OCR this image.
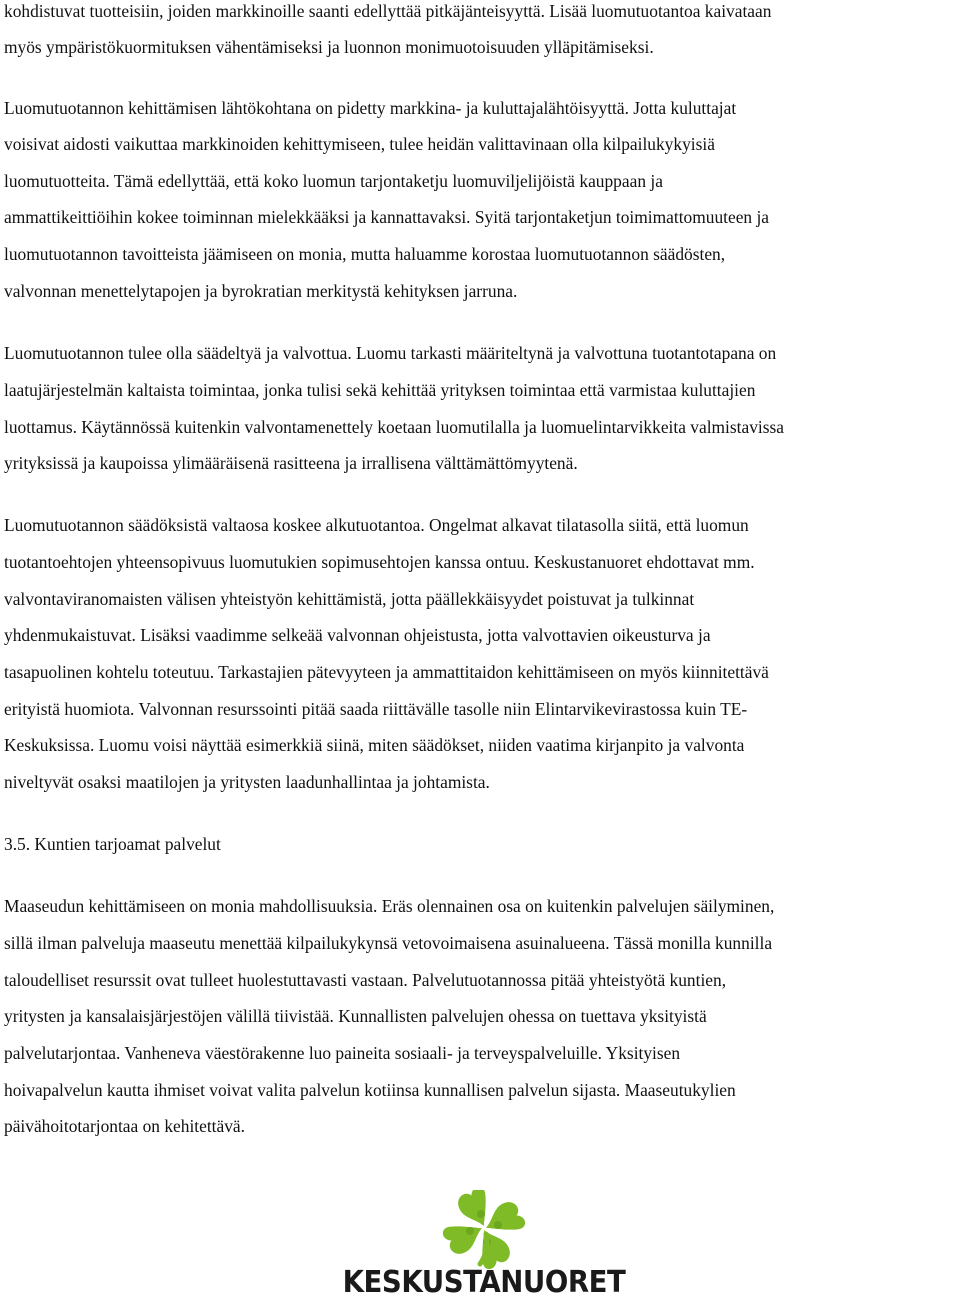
kohdistuvat tuotteisiin, joiden markkinoille saanti edellyttää pitkäjänteisyyttä. Lisää luomutuotantoa kaivataan
myös ympäristökuormituksen vähentämiseksi ja luonnon monimuotoisuuden ylläpitämiseksi.
Luomutuotannon kehittämisen lähtökohtana on pidetty markkina- ja kuluttajalähtöisyyttä. Jotta kuluttajat
voisivat aidosti vaikuttaa markkinoiden kehittymiseen, tulee heidän valittavinaan olla kilpailukykyisiä
luomutuotteita. Tämä edellyttää, että koko luomun tarjontaketju luomuviljelijöistä kauppaan ja
ammattikeittiöihin kokee toiminnan mielekkääksi ja kannattavaksi. Syitä tarjontaketjun toimimattomuuteen ja
luomutuotannon tavoitteista jäämiseen on monia, mutta haluamme korostaa luomutuotannon säädösten,
valvonnan menettelytapojen ja byrokratian merkitystä kehityksen jarruna.
Luomutuotannon tulee olla säädeltyä ja valvottua. Luomu tarkasti määriteltynä ja valvottuna tuotantotapana on
laatujärjestelmän kaltaista toimintaa, jonka tulisi sekä kehittää yrityksen toimintaa että varmistaa kuluttajien
luottamus. Käytännössä kuitenkin valvontamenettely koetaan luomutilalla ja luomuelintarvikkeita valmistavissa
yrityksissä ja kaupoissa ylimääräisenä rasitteena ja irrallisena välttämättömyytenä.
Luomutuotannon säädöksistä valtaosa koskee alkutuotantoa. Ongelmat alkavat tilatasolla siitä, että luomun
tuotantoehtojen yhteensopivuus luomutukien sopimusehtojen kanssa ontuu. Keskustanuoret ehdottavat mm.
valvontaviranomaisten välisen yhteistyön kehittämistä, jotta päällekkäisyydet poistuvat ja tulkinnat
yhdenmukaistuvat. Lisäksi vaadimme selkeää valvonnan ohjeistusta, jotta valvottavien oikeusturva ja
tasapuolinen kohtelu toteutuu. Tarkastajien pätevyyteen ja ammattitaidon kehittämiseen on myös kiinnitettävä
erityistä huomiota. Valvonnan resurssointi pitää saada riittävälle tasolle niin Elintarvikevirastossa kuin TE-
Keskuksissa. Luomu voisi näyttää esimerkkiä siinä, miten säädökset, niiden vaatima kirjanpito ja valvonta
niveltyvät osaksi maatilojen ja yritysten laadunhallintaa ja johtamista.
3.5. Kuntien tarjoamat palvelut
Maaseudun kehittämiseen on monia mahdollisuuksia. Eräs olennainen osa on kuitenkin palvelujen säilyminen,
sillä ilman palveluja maaseutu menettää kilpailukykynsä vetovoimaisena asuinalueena. Tässä monilla kunnilla
taloudelliset resurssit ovat tulleet huolestuttavasti vastaan. Palvelutuotannossa pitää yhteistyötä kuntien,
yritysten ja kansalaisjärjestöjen välillä tiivistää. Kunnallisten palvelujen ohessa on tuettava yksityistä
palvelutarjontaa. Vanheneva väestörakenne luo paineita sosiaali- ja terveyspalveluille. Yksityisen
hoivapalvelun kautta ihmiset voivat valita palvelun kotiinsa kunnallisen palvelun sijasta. Maaseutukylien
päivähoitotarjontaa on kehitettävä.
KESKUSTANUORET
